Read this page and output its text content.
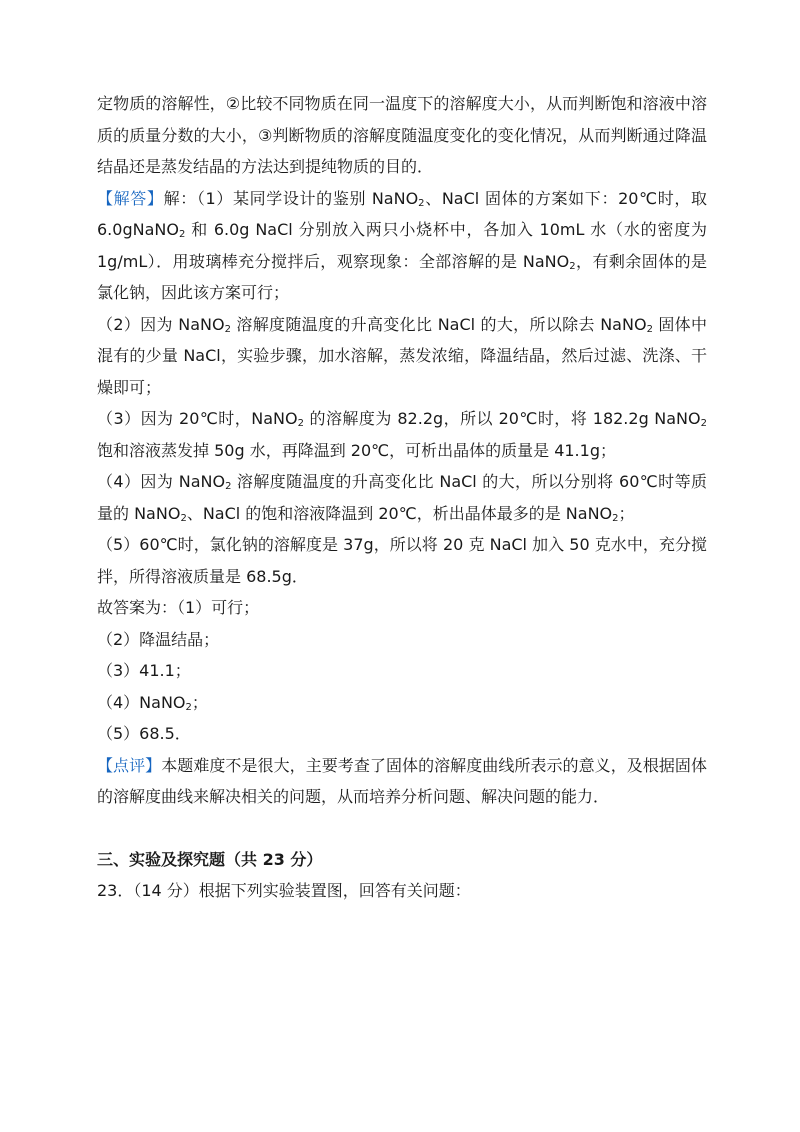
定物质的溶解性，②比较不同物质在同一温度下的溶解度大小，从而判断饱和溶液中溶质的质量分数的大小，③判断物质的溶解度随温度变化的变化情况，从而判断通过降温结晶还是蒸发结晶的方法达到提纯物质的目的．

【解答】解：（1）某同学设计的鉴别 NaNO$_2$、NaCl 固体的方案如下：20℃时，取 6.0gNaNO$_2$ 和 6.0g NaCl 分别放入两只小烧杯中，各加入 10mL 水（水的密度为1g/mL）．用玻璃棒充分搅拌后，观察现象：全部溶解的是 NaNO$_2$，有剩余固体的是氯化钠，因此该方案可行；

（2）因为 NaNO$_2$ 溶解度随温度的升高变化比 NaCl 的大，所以除去 NaNO$_2$ 固体中混有的少量 NaCl，实验步骤，加水溶解，蒸发浓缩，降温结晶，然后过滤、洗涤、干燥即可；

（3）因为 20℃时，NaNO$_2$ 的溶解度为 82.2g，所以 20℃时，将 182.2g NaNO$_2$ 饱和溶液蒸发掉 50g 水，再降温到 20℃，可析出晶体的质量是 41.1g；

（4）因为 NaNO$_2$ 溶解度随温度的升高变化比 NaCl 的大，所以分别将 60℃时等质量的 NaNO$_2$、NaCl 的饱和溶液降温到 20℃，析出晶体最多的是 NaNO$_2$；

（5）60℃时，氯化钠的溶解度是 37g，所以将 20 克 NaCl 加入 50 克水中，充分搅拌，所得溶液质量是 68.5g．

故答案为：（1）可行；

（2）降温结晶；

（3）41.1；

（4）NaNO$_2$；

（5）68.5．

【点评】本题难度不是很大，主要考查了固体的溶解度曲线所表示的意义，及根据固体的溶解度曲线来解决相关的问题，从而培养分析问题、解决问题的能力．

三、实验及探究题（共 23 分）

23．（14 分）根据下列实验装置图，回答有关问题：
